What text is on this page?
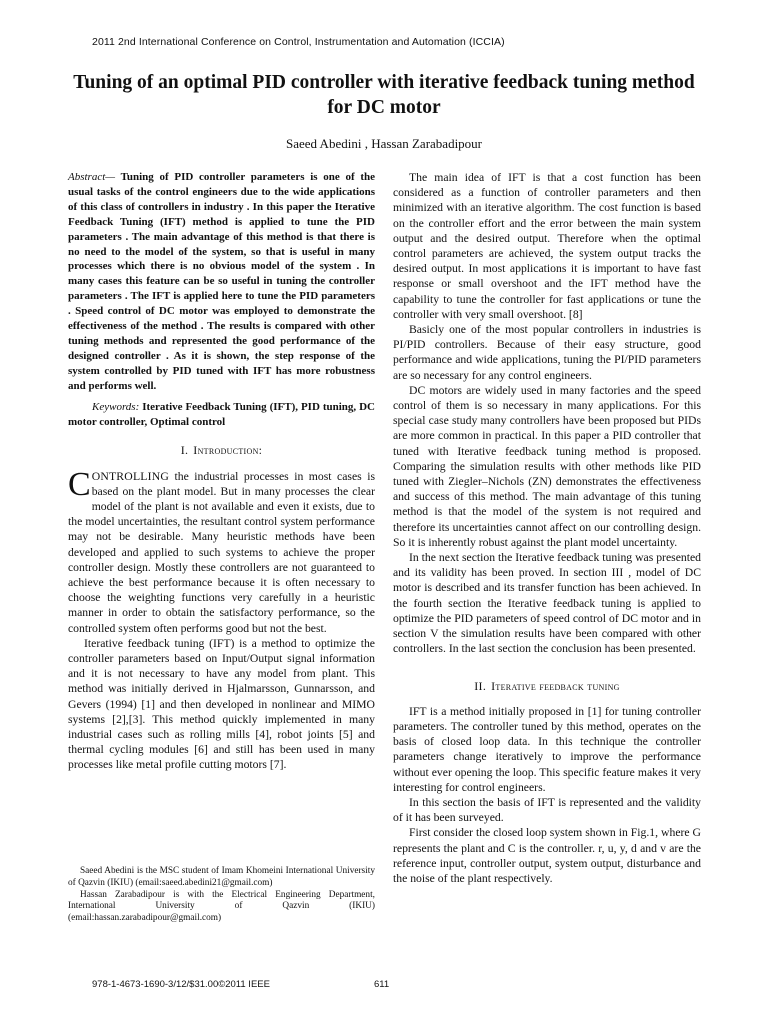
2011 2nd International Conference on Control, Instrumentation and Automation (ICCIA)
Tuning of an optimal PID controller with iterative feedback tuning method for DC motor
Saeed Abedini , Hassan Zarabadipour

Abstract— Tuning of PID controller parameters is one of the usual tasks of the control engineers due to the wide applications of this class of controllers in industry . In this paper the Iterative Feedback Tuning (IFT) method is applied to tune the PID parameters . The main advantage of this method is that there is no need to the model of the system, so that is useful in many processes which there is no obvious model of the system . In many cases this feature can be so useful in tuning the controller parameters . The IFT is applied here to tune the PID parameters . Speed control of DC motor was employed to demonstrate the effectiveness of the method . The results is compared with other tuning methods and represented the good performance of the designed controller . As it is shown, the step response of the system controlled by PID tuned with IFT has more robustness and performs well.

Keywords: Iterative Feedback Tuning (IFT), PID tuning, DC motor controller, Optimal control

I. Introduction:

CONTROLLING the industrial processes in most cases is based on the plant model. But in many processes the clear model of the plant is not available and even it exists, due to the model uncertainties, the resultant control system performance may not be desirable. Many heuristic methods have been developed and applied to such systems to achieve the proper controller design. Mostly these controllers are not guaranteed to achieve the best performance because it is often necessary to choose the weighting functions very carefully in a heuristic manner in order to obtain the satisfactory performance, so the controlled system often performs good but not the best.

Iterative feedback tuning (IFT) is a method to optimize the controller parameters based on Input/Output signal information and it is not necessary to have any model from plant. This method was initially derived in Hjalmarsson, Gunnarsson, and Gevers (1994) [1] and then developed in nonlinear and MIMO systems [2],[3]. This method quickly implemented in many industrial cases such as rolling mills [4], robot joints [5] and thermal cycling modules [6] and still has been used in many processes like metal profile cutting motors [7].

The main idea of IFT is that a cost function has been considered as a function of controller parameters and then minimized with an iterative algorithm. The cost function is based on the controller effort and the error between the main system output and the desired output. Therefore when the optimal control parameters are achieved, the system output tracks the desired output. In most applications it is important to have fast response or small overshoot and the IFT method have the capability to tune the controller for fast applications or tune the controller with very small overshoot. [8]

Basicly one of the most popular controllers in industries is PI/PID controllers. Because of their easy structure, good performance and wide applications, tuning the PI/PID parameters are so necessary for any control engineers.

DC motors are widely used in many factories and the speed control of them is so necessary in many applications. For this special case study many controllers have been proposed but PIDs are more common in practical. In this paper a PID controller that tuned with Iterative feedback tuning method is proposed. Comparing the simulation results with other methods like PID tuned with Ziegler–Nichols (ZN) demonstrates the effectiveness and success of this method. The main advantage of this tuning method is that the model of the system is not required and therefore its uncertainties cannot affect on our controlling design. So it is inherently robust against the plant model uncertainty.

In the next section the Iterative feedback tuning was presented and its validity has been proved. In section III , model of DC motor is described and its transfer function has been achieved. In the fourth section the Iterative feedback tuning is applied to optimize the PID parameters of speed control of DC motor and in section V the simulation results have been compared with other controllers. In the last section the conclusion has been presented.

II. Iterative feedback tuning

IFT is a method initially proposed in [1] for tuning controller parameters. The controller tuned by this method, operates on the basis of closed loop data. In this technique the controller parameters change iteratively to improve the performance without ever opening the loop. This specific feature makes it very interesting for control engineers.

In this section the basis of IFT is represented and the validity of it has been surveyed.

First consider the closed loop system shown in Fig.1, where G represents the plant and C is the controller. r, u, y, d and v are the reference input, controller output, system output, disturbance and the noise of the plant respectively.

Saeed Abedini is the MSC student of Imam Khomeini International University of Qazvin (IKIU) (email:saeed.abedini21@gmail.com)

Hassan Zarabadipour is with the Electrical Engineering Department, International University of Qazvin (IKIU) (email:hassan.zarabadipour@gmail.com)

978-1-4673-1690-3/12/$31.00©2011 IEEE	611
